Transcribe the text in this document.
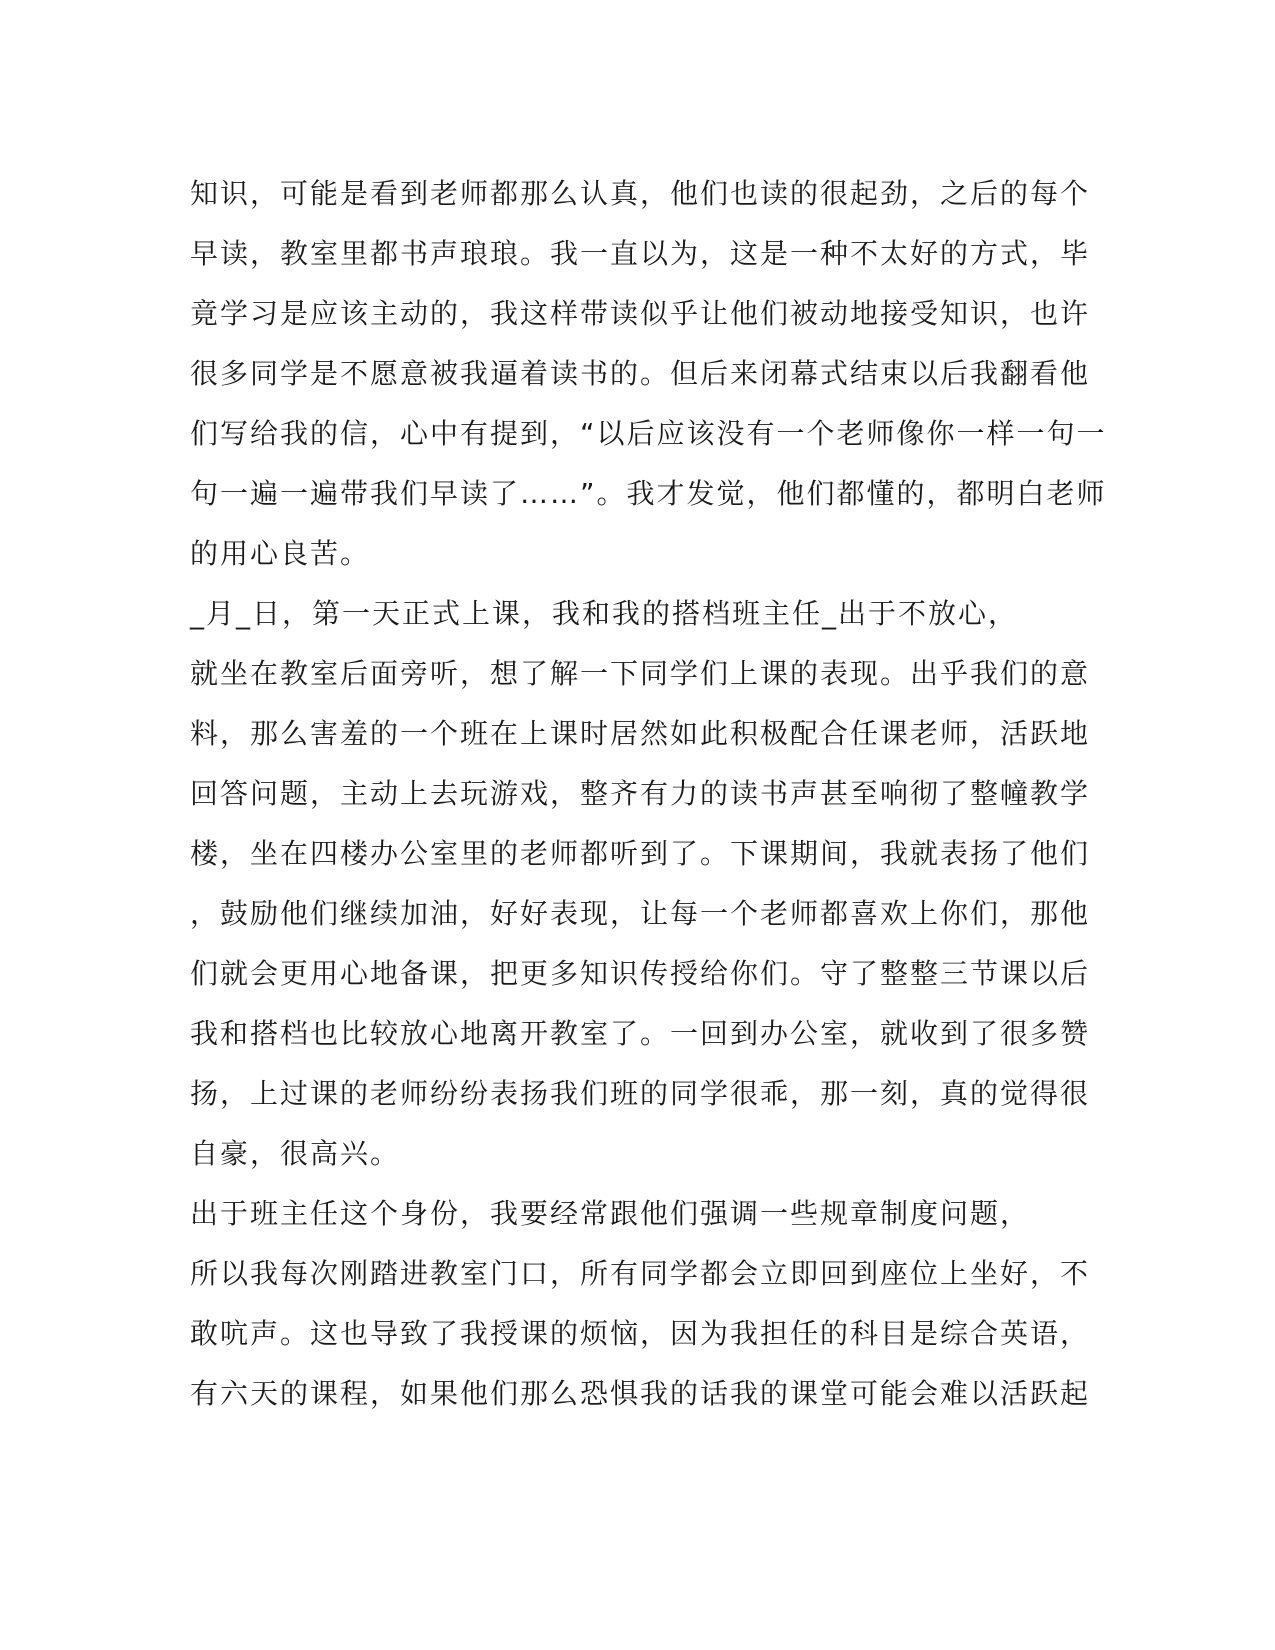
知识，可能是看到老师都那么认真，他们也读的很起劲，之后的每个
早读，教室里都书声琅琅。我一直以为，这是一种不太好的方式，毕
竟学习是应该主动的，我这样带读似乎让他们被动地接受知识，也许
很多同学是不愿意被我逼着读书的。但后来闭幕式结束以后我翻看他
们写给我的信，心中有提到，“以后应该没有一个老师像你一样一句一
句一遍一遍带我们早读了……”。我才发觉，他们都懂的，都明白老师
的用心良苦。
_月_日，第一天正式上课，我和我的搭档班主任_出于不放心，
就坐在教室后面旁听，想了解一下同学们上课的表现。出乎我们的意
料，那么害羞的一个班在上课时居然如此积极配合任课老师，活跃地
回答问题，主动上去玩游戏，整齐有力的读书声甚至响彻了整幢教学
楼，坐在四楼办公室里的老师都听到了。下课期间，我就表扬了他们
，鼓励他们继续加油，好好表现，让每一个老师都喜欢上你们，那他
们就会更用心地备课，把更多知识传授给你们。守了整整三节课以后
我和搭档也比较放心地离开教室了。一回到办公室，就收到了很多赞
扬，上过课的老师纷纷表扬我们班的同学很乖，那一刻，真的觉得很
自豪，很高兴。
出于班主任这个身份，我要经常跟他们强调一些规章制度问题，
所以我每次刚踏进教室门口，所有同学都会立即回到座位上坐好，不
敢吭声。这也导致了我授课的烦恼，因为我担任的科目是综合英语，
有六天的课程，如果他们那么恐惧我的话我的课堂可能会难以活跃起
